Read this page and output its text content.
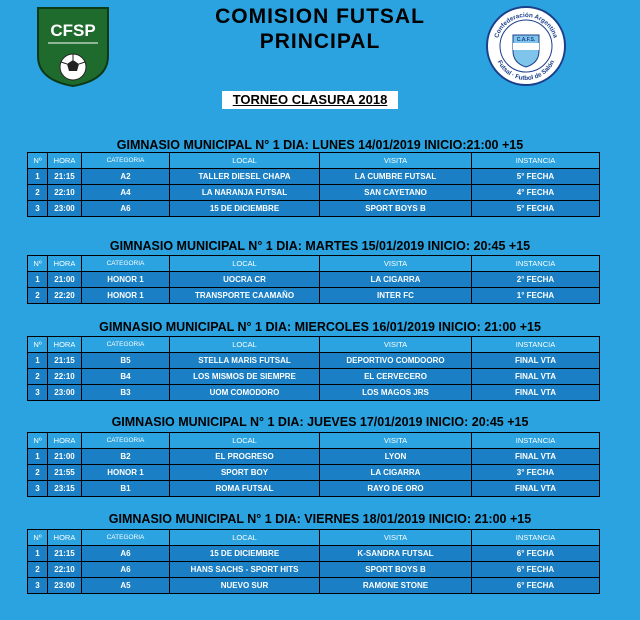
CFSP
COMISION FUTSAL
PRINCIPAL	Confederación Argentina
Futsal · Futbol de Salón
C.A.F.S.
TORNEO CLASURA 2018
GIMNASIO MUNICIPAL N° 1 DIA: LUNES 14/01/2019 INICIO:21:00 +15
Nº	HORA	CATEGORIA	LOCAL	VISITA	INSTANCIA
1	21:15	A2	TALLER DIESEL CHAPA	LA CUMBRE FUTSAL	5° FECHA
2	22:10	A4	LA NARANJA FUTSAL	SAN CAYETANO	4° FECHA
3	23:00	A6	15 DE DICIEMBRE	SPORT BOYS B	5° FECHA
GIMNASIO MUNICIPAL N° 1 DIA: MARTES 15/01/2019 INICIO: 20:45 +15
Nº	HORA	CATEGORIA	LOCAL	VISITA	INSTANCIA
1	21:00	HONOR 1	UOCRA CR	LA CIGARRA	2° FECHA
2	22:20	HONOR 1	TRANSPORTE CAAMAÑO	INTER FC	1° FECHA
GIMNASIO MUNICIPAL N° 1 DIA: MIERCOLES 16/01/2019 INICIO: 21:00 +15
Nº	HORA	CATEGORIA	LOCAL	VISITA	INSTANCIA
1	21:15	B5	STELLA MARIS FUTSAL	DEPORTIVO COMDOORO	FINAL VTA
2	22:10	B4	LOS MISMOS DE SIEMPRE	EL CERVECERO	FINAL VTA
3	23:00	B3	UOM COMODORO	LOS MAGOS JRS	FINAL VTA
GIMNASIO MUNICIPAL N° 1 DIA: JUEVES 17/01/2019 INICIO: 20:45 +15
Nº	HORA	CATEGORIA	LOCAL	VISITA	INSTANCIA
1	21:00	B2	EL PROGRESO	LYON	FINAL VTA
2	21:55	HONOR 1	SPORT BOY	LA CIGARRA	3° FECHA
3	23:15	B1	ROMA FUTSAL	RAYO DE ORO	FINAL VTA
GIMNASIO MUNICIPAL N° 1 DIA: VIERNES 18/01/2019 INICIO: 21:00 +15
Nº	HORA	CATEGORIA	LOCAL	VISITA	INSTANCIA
1	21:15	A6	15 DE DICIEMBRE	K-SANDRA FUTSAL	6° FECHA
2	22:10	A6	HANS SACHS - SPORT HITS	SPORT BOYS B	6° FECHA
3	23:00	A5	NUEVO SUR	RAMONE STONE	6° FECHA
